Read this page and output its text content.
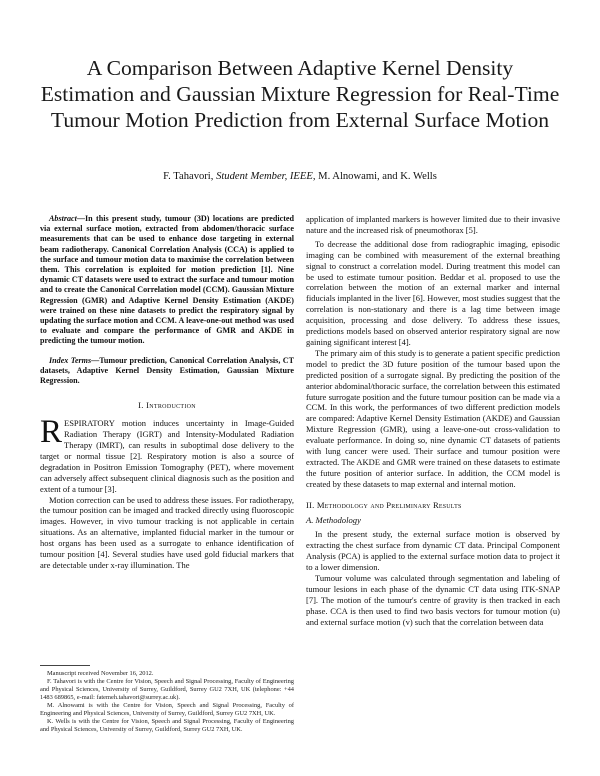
A Comparison Between Adaptive Kernel Density Estimation and Gaussian Mixture Regression for Real-Time Tumour Motion Prediction from External Surface Motion
F. Tahavori, Student Member, IEEE, M. Alnowami, and K. Wells

Abstract—In this present study, tumour (3D) locations are predicted via external surface motion, extracted from abdomen/thoracic surface measurements that can be used to enhance dose targeting in external beam radiotherapy. Canonical Correlation Analysis (CCA) is applied to the surface and tumour motion data to maximise the correlation between them. This correlation is exploited for motion prediction [1]. Nine dynamic CT datasets were used to extract the surface and tumour motion and to create the Canonical Correlation model (CCM). Gaussian Mixture Regression (GMR) and Adaptive Kernel Density Estimation (AKDE) were trained on these nine datasets to predict the respiratory signal by updating the surface motion and CCM. A leave-one-out method was used to evaluate and compare the performance of GMR and AKDE in predicting the tumour motion.

Index Terms—Tumour prediction, Canonical Correlation Analysis, CT datasets, Adaptive Kernel Density Estimation, Gaussian Mixture Regression.

I. Introduction

RESPIRATORY motion induces uncertainty in Image-Guided Radiation Therapy (IGRT) and Intensity-Modulated Radiation Therapy (IMRT), can results in suboptimal dose delivery to the target or normal tissue [2]. Respiratory motion is also a source of degradation in Positron Emission Tomography (PET), where movement can adversely affect subsequent clinical diagnosis such as the position and extent of a tumour [3].

Motion correction can be used to address these issues. For radiotherapy, the tumour position can be imaged and tracked directly using fluoroscopic images. However, in vivo tumour tracking is not applicable in certain situations. As an alternative, implanted fiducial marker in the tumour or host organs has been used as a surrogate to enhance identification of tumour position [4]. Several studies have used gold fiducial markers that are detectable under x-ray illumination. The

Manuscript received November 16, 2012.

F. Tahavori is with the Centre for Vision, Speech and Signal Processing, Faculty of Engineering and Physical Sciences, University of Surrey, Guildford, Surrey GU2 7XH, UK (telephone: +44 1483 689865, e-mail: fatemeh.tahavori@surrey.ac.uk).

M. Alnowami is with the Centre for Vision, Speech and Signal Processing, Faculty of Engineering and Physical Sciences, University of Surrey, Guildford, Surrey GU2 7XH, UK.

K. Wells is with the Centre for Vision, Speech and Signal Processing, Faculty of Engineering and Physical Sciences, University of Surrey, Guildford, Surrey GU2 7XH, UK.

application of implanted markers is however limited due to their invasive nature and the increased risk of pneumothorax [5].

To decrease the additional dose from radiographic imaging, episodic imaging can be combined with measurement of the external breathing signal to construct a correlation model. During treatment this model can be used to estimate tumour position. Beddar et al. proposed to use the correlation between the motion of an external marker and internal fiducials implanted in the liver [6]. However, most studies suggest that the correlation is non-stationary and there is a lag time between image acquisition, processing and dose delivery. To address these issues, predictions models based on observed anterior respiratory signal are now gaining significant interest [4].

The primary aim of this study is to generate a patient specific prediction model to predict the 3D future position of the tumour based upon the predicted position of a surrogate signal. By predicting the position of the anterior abdominal/thoracic surface, the correlation between this estimated future surrogate position and the future tumour position can be made via a CCM. In this work, the performances of two different prediction models are compared: Adaptive Kernel Density Estimation (AKDE) and Gaussian Mixture Regression (GMR), using a leave-one-out cross-validation to evaluate performance. In doing so, nine dynamic CT datasets of patients with lung cancer were used. Their surface and tumour position were extracted. The AKDE and GMR were trained on these datasets to estimate the future position of anterior surface. In addition, the CCM model is created by these datasets to map external and internal motion.

II. Methodology and Preliminary Results
A. Methodology

In the present study, the external surface motion is observed by extracting the chest surface from dynamic CT data. Principal Component Analysis (PCA) is applied to the external surface motion data to project it to a lower dimension.

Tumour volume was calculated through segmentation and labeling of tumour lesions in each phase of the dynamic CT data using ITK-SNAP [7]. The motion of the tumour's centre of gravity is then tracked in each phase. CCA is then used to find two basis vectors for tumour motion (u) and external surface motion (v) such that the correlation between data
